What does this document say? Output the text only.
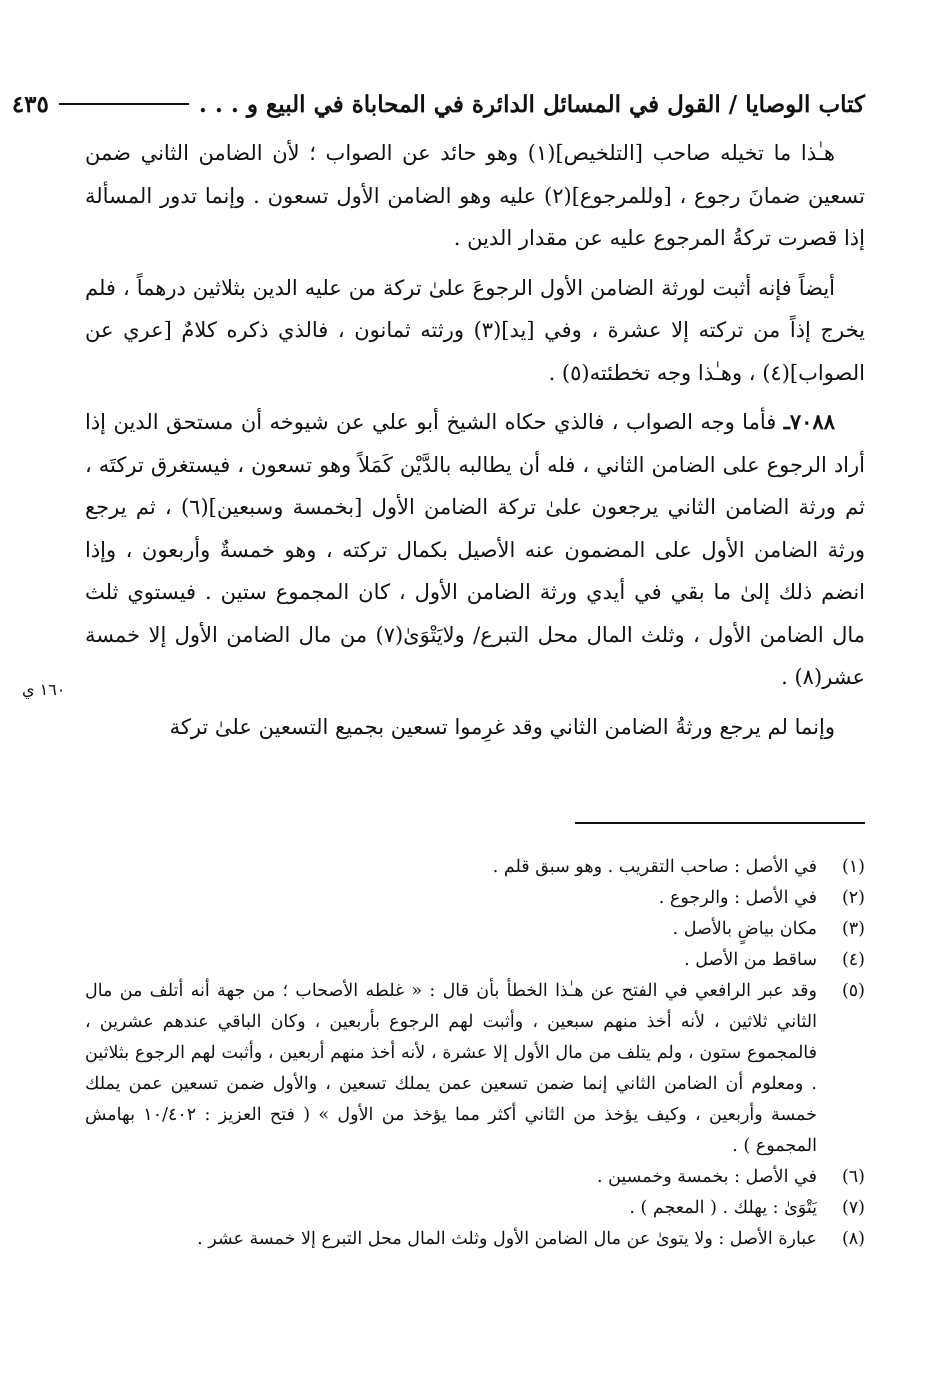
كتاب الوصايا / القول في المسائل الدائرة في المحاباة في البيع و . . .
٤٣٥

هـٰذا ما تخيله صاحب [التلخيص](١) وهو حائد عن الصواب ؛ لأن الضامن الثاني ضمن تسعين ضمانَ رجوع ، [وللمرجوع](٢) عليه وهو الضامن الأول تسعون . وإنما تدور المسألة إذا قصرت تركةُ المرجوع عليه عن مقدار الدين .

أيضاً فإنه أثبت لورثة الضامن الأول الرجوعَ علىٰ تركة من عليه الدين بثلاثين درهماً ، فلم يخرج إذاً من تركته إلا عشرة ، وفي [يد](٣) ورثته ثمانون ، فالذي ذكره كلامٌ [عري عن الصواب](٤) ، وهـٰذا وجه تخطئته(٥) .

٧٠٨٨ـ فأما وجه الصواب ، فالذي حكاه الشيخ أبو علي عن شيوخه أن مستحق الدين إذا أراد الرجوع على الضامن الثاني ، فله أن يطالبه بالدَّيْن كَمَلاً وهو تسعون ، فيستغرق تركتَه ، ثم ورثة الضامن الثاني يرجعون علىٰ تركة الضامن الأول [بخمسة وسبعين](٦) ، ثم يرجع ورثة الضامن الأول على المضمون عنه الأصيل بكمال تركته ، وهو خمسةٌ وأربعون ، وإذا انضم ذلك إلىٰ ما بقي في أيدي ورثة الضامن الأول ، كان المجموع ستين . فيستوي ثلث مال الضامن الأول ، وثلث المال محل التبرع/ ولايَتْوَىٰ(٧) من مال الضامن الأول إلا خمسة عشر(٨) .

وإنما لم يرجع ورثةُ الضامن الثاني وقد غرِموا تسعين بجميع التسعين علىٰ تركة

١٦٠ ي
(١)
في الأصل : صاحب التقريب . وهو سبق قلم .
(٢)
في الأصل : والرجوع .
(٣)
مكان بياضٍ بالأصل .
(٤)
ساقط من الأصل .
(٥)
وقد عبر الرافعي في الفتح عن هـٰذا الخطأ بأن قال : « غلطه الأصحاب ؛ من جهة أنه أتلف من مال الثاني ثلاثين ، لأنه أخذ منهم سبعين ، وأثبت لهم الرجوع بأربعين ، وكان الباقي عندهم عشرين ، فالمجموع ستون ، ولم يتلف من مال الأول إلا عشرة ، لأنه أخذ منهم أربعين ، وأثبت لهم الرجوع بثلاثين . ومعلوم أن الضامن الثاني إنما ضمن تسعين عمن يملك تسعين ، والأول ضمن تسعين عمن يملك خمسة وأربعين ، وكيف يؤخذ من الثاني أكثر مما يؤخذ من الأول » ( فتح العزيز : ١٠/٤٠٢ بهامش المجموع ) .
(٦)
في الأصل : بخمسة وخمسين .
(٧)
يَتْوَىٰ : يهلك . ( المعجم ) .
(٨)
عبارة الأصل : ولا يتوىٰ عن مال الضامن الأول وثلث المال محل التبرع إلا خمسة عشر .
